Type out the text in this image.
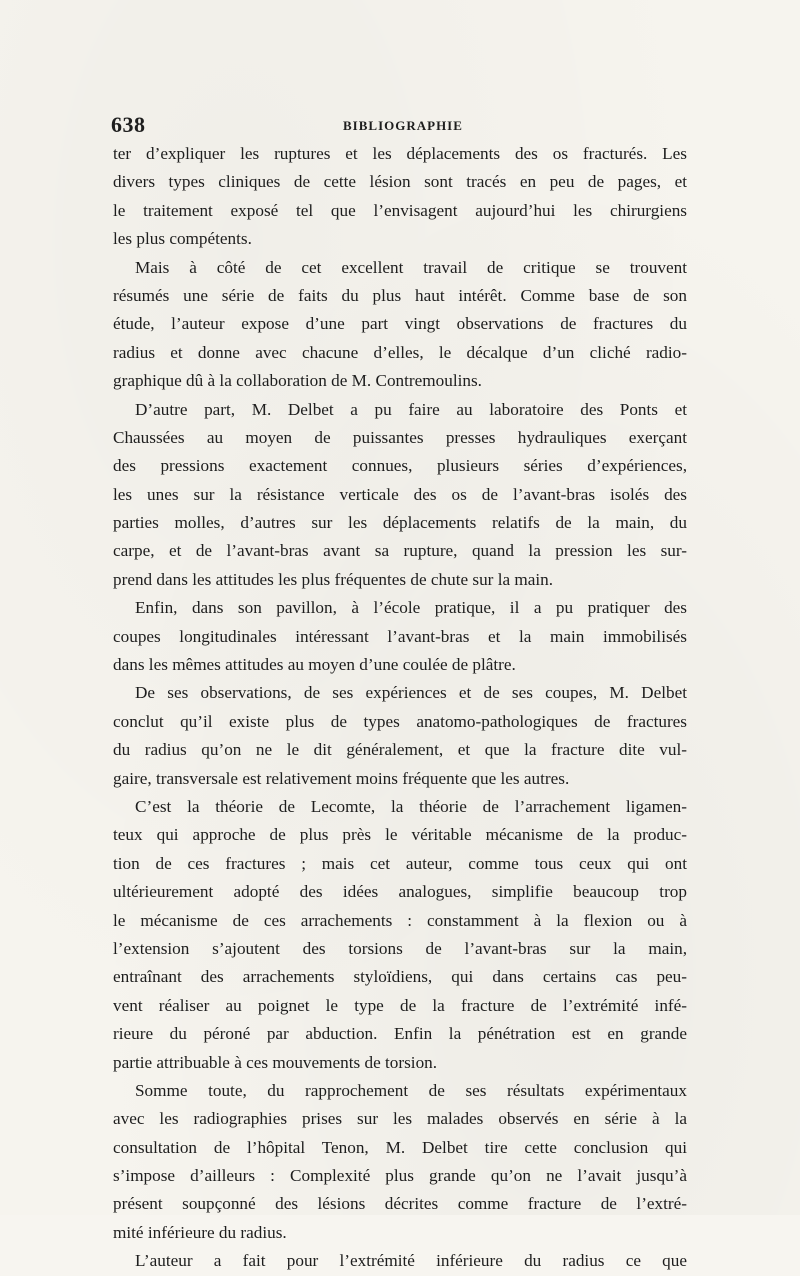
638	BIBLIOGRAPHIE
ter d’expliquer les ruptures et les déplacements des os fracturés. Les
divers types cliniques de cette lésion sont tracés en peu de pages, et
le traitement exposé tel que l’envisagent aujourd’hui les chirurgiens
les plus compétents.
Mais à côté de cet excellent travail de critique se trouvent
résumés une série de faits du plus haut intérêt. Comme base de son
étude, l’auteur expose d’une part vingt observations de fractures du
radius et donne avec chacune d’elles, le décalque d’un cliché radio-
graphique dû à la collaboration de M. Contremoulins.
D’autre part, M. Delbet a pu faire au laboratoire des Ponts et
Chaussées au moyen de puissantes presses hydrauliques exerçant
des pressions exactement connues, plusieurs séries d’expériences,
les unes sur la résistance verticale des os de l’avant-bras isolés des
parties molles, d’autres sur les déplacements relatifs de la main, du
carpe, et de l’avant-bras avant sa rupture, quand la pression les sur-
prend dans les attitudes les plus fréquentes de chute sur la main.
Enfin, dans son pavillon, à l’école pratique, il a pu pratiquer des
coupes longitudinales intéressant l’avant-bras et la main immobilisés
dans les mêmes attitudes au moyen d’une coulée de plâtre.
De ses observations, de ses expériences et de ses coupes, M. Delbet
conclut qu’il existe plus de types anatomo-pathologiques de fractures
du radius qu’on ne le dit généralement, et que la fracture dite vul-
gaire, transversale est relativement moins fréquente que les autres.
C’est la théorie de Lecomte, la théorie de l’arrachement ligamen-
teux qui approche de plus près le véritable mécanisme de la produc-
tion de ces fractures ; mais cet auteur, comme tous ceux qui ont
ultérieurement adopté des idées analogues, simplifie beaucoup trop
le mécanisme de ces arrachements : constamment à la flexion ou à
l’extension s’ajoutent des torsions de l’avant-bras sur la main,
entraînant des arrachements styloïdiens, qui dans certains cas peu-
vent réaliser au poignet le type de la fracture de l’extrémité infé-
rieure du péroné par abduction. Enfin la pénétration est en grande
partie attribuable à ces mouvements de torsion.
Somme toute, du rapprochement de ses résultats expérimentaux
avec les radiographies prises sur les malades observés en série à la
consultation de l’hôpital Tenon, M. Delbet tire cette conclusion qui
s’impose d’ailleurs : Complexité plus grande qu’on ne l’avait jusqu’à
présent soupçonné des lésions décrites comme fracture de l’extré-
mité inférieure du radius.
L’auteur a fait pour l’extrémité inférieure du radius ce que
